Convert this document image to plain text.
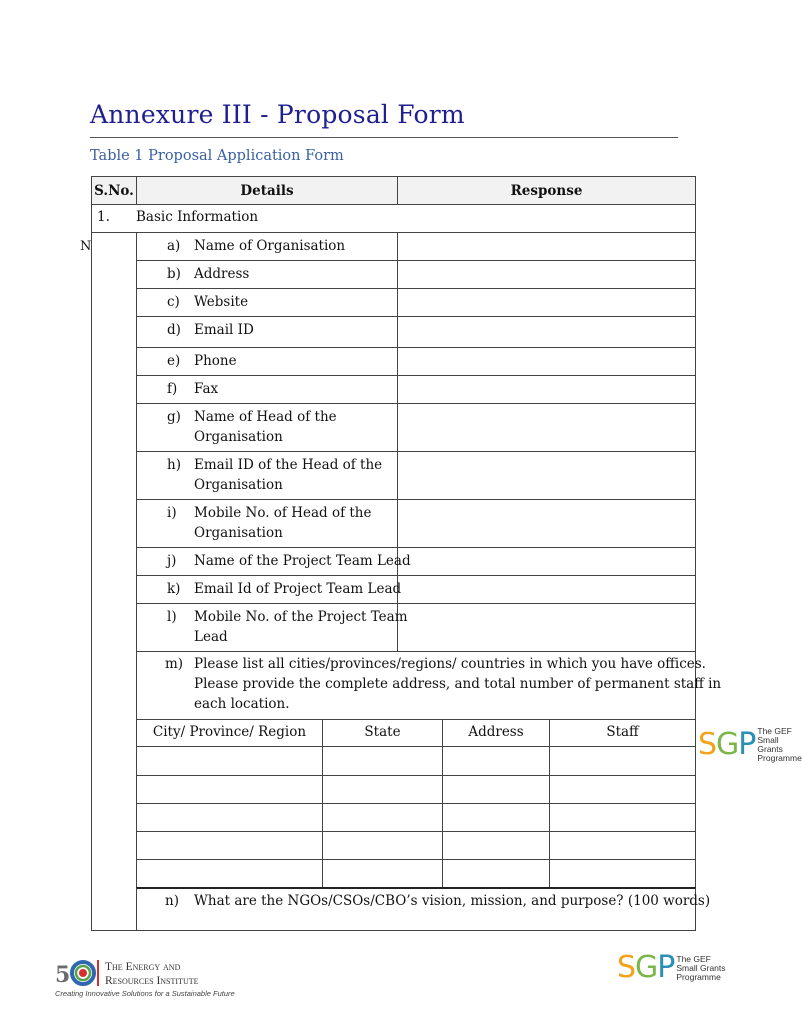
Annexure III - Proposal Form
Table 1 Proposal Application Form
N
S.No.	Details	Response
1. Basic Information
a) Name of Organisation
b) Address
c) Website
d) Email ID
e) Phone
f) Fax
g) Name of Head of the
Organisation
h) Email ID of the Head of the
Organisation
i) Mobile No. of Head of the
Organisation
j) Name of the Project Team Lead
k) Email Id of Project Team Lead
l) Mobile No. of the Project Team
Lead
m) Please list all cities/provinces/regions/ countries in which you have offices.
Please provide the complete address, and total number of permanent staff in
each location.
City/ Province/ Region	State	Address	Staff
n) What are the NGOs/CSOs/CBO’s vision, mission, and purpose? (100 words)
SGP The GEF
Small Grants
Programme
SGP The GEF
Small Grants
Programme
5	The Energy and
Resources Institute
Creating Innovative Solutions for a Sustainable Future
